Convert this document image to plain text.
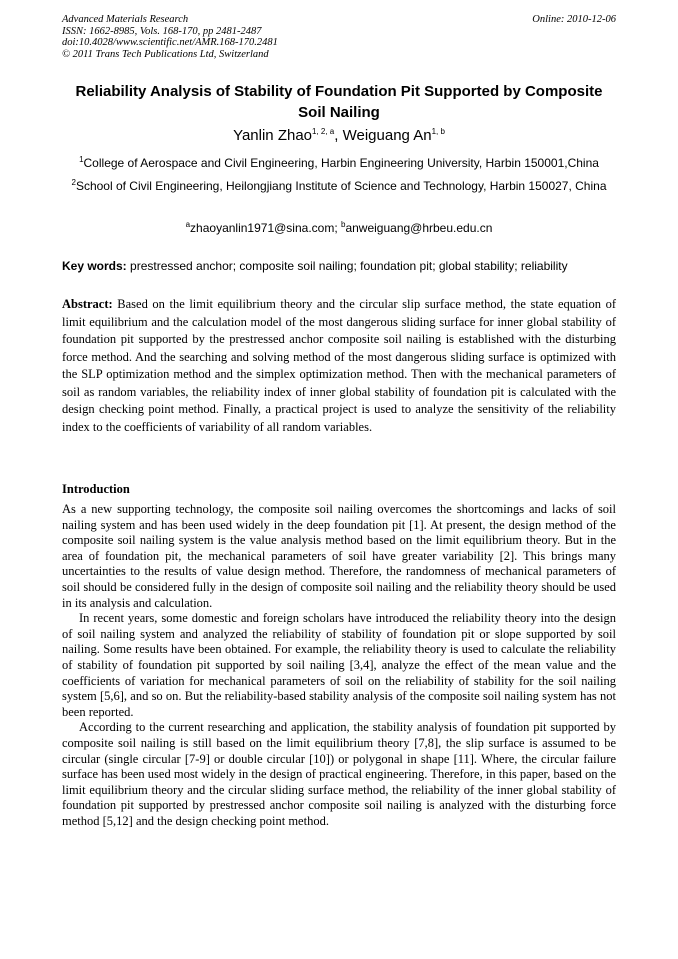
Advanced Materials Research
ISSN: 1662-8985, Vols. 168-170, pp 2481-2487
doi:10.4028/www.scientific.net/AMR.168-170.2481
© 2011 Trans Tech Publications Ltd, Switzerland
Online: 2010-12-06
Reliability Analysis of Stability of Foundation Pit Supported by Composite Soil Nailing
Yanlin Zhao$^{1, 2, a}$, Weiguang An$^{1, b}$
$^1$College of Aerospace and Civil Engineering, Harbin Engineering University, Harbin 150001,China
$^2$School of Civil Engineering, Heilongjiang Institute of Science and Technology, Harbin 150027, China
$^a$zhaoyanlin1971@sina.com; $^b$anweiguang@hrbeu.edu.cn
Key words: prestressed anchor; composite soil nailing; foundation pit; global stability; reliability
Abstract: Based on the limit equilibrium theory and the circular slip surface method, the state equation of limit equilibrium and the calculation model of the most dangerous sliding surface for inner global stability of foundation pit supported by the prestressed anchor composite soil nailing is established with the disturbing force method. And the searching and solving method of the most dangerous sliding surface is optimized with the SLP optimization method and the simplex optimization method. Then with the mechanical parameters of soil as random variables, the reliability index of inner global stability of foundation pit is calculated with the design checking point method. Finally, a practical project is used to analyze the sensitivity of the reliability index to the coefficients of variability of all random variables.
Introduction

As a new supporting technology, the composite soil nailing overcomes the shortcomings and lacks of soil nailing system and has been used widely in the deep foundation pit [1]. At present, the design method of the composite soil nailing system is the value analysis method based on the limit equilibrium theory. But in the area of foundation pit, the mechanical parameters of soil have greater variability [2]. This brings many uncertainties to the results of value design method. Therefore, the randomness of mechanical parameters of soil should be considered fully in the design of composite soil nailing and the reliability theory should be used in its analysis and calculation.

In recent years, some domestic and foreign scholars have introduced the reliability theory into the design of soil nailing system and analyzed the reliability of stability of foundation pit or slope supported by soil nailing. Some results have been obtained. For example, the reliability theory is used to calculate the reliability of stability of foundation pit supported by soil nailing [3,4], analyze the effect of the mean value and the coefficients of variation for mechanical parameters of soil on the reliability of stability for the soil nailing system [5,6], and so on. But the reliability-based stability analysis of the composite soil nailing system has not been reported.

According to the current researching and application, the stability analysis of foundation pit supported by composite soil nailing is still based on the limit equilibrium theory [7,8], the slip surface is assumed to be circular (single circular [7-9] or double circular [10]) or polygonal in shape [11]. Where, the circular failure surface has been used most widely in the design of practical engineering. Therefore, in this paper, based on the limit equilibrium theory and the circular sliding surface method, the reliability of the inner global stability of foundation pit supported by prestressed anchor composite soil nailing is analyzed with the disturbing force method [5,12] and the design checking point method.
